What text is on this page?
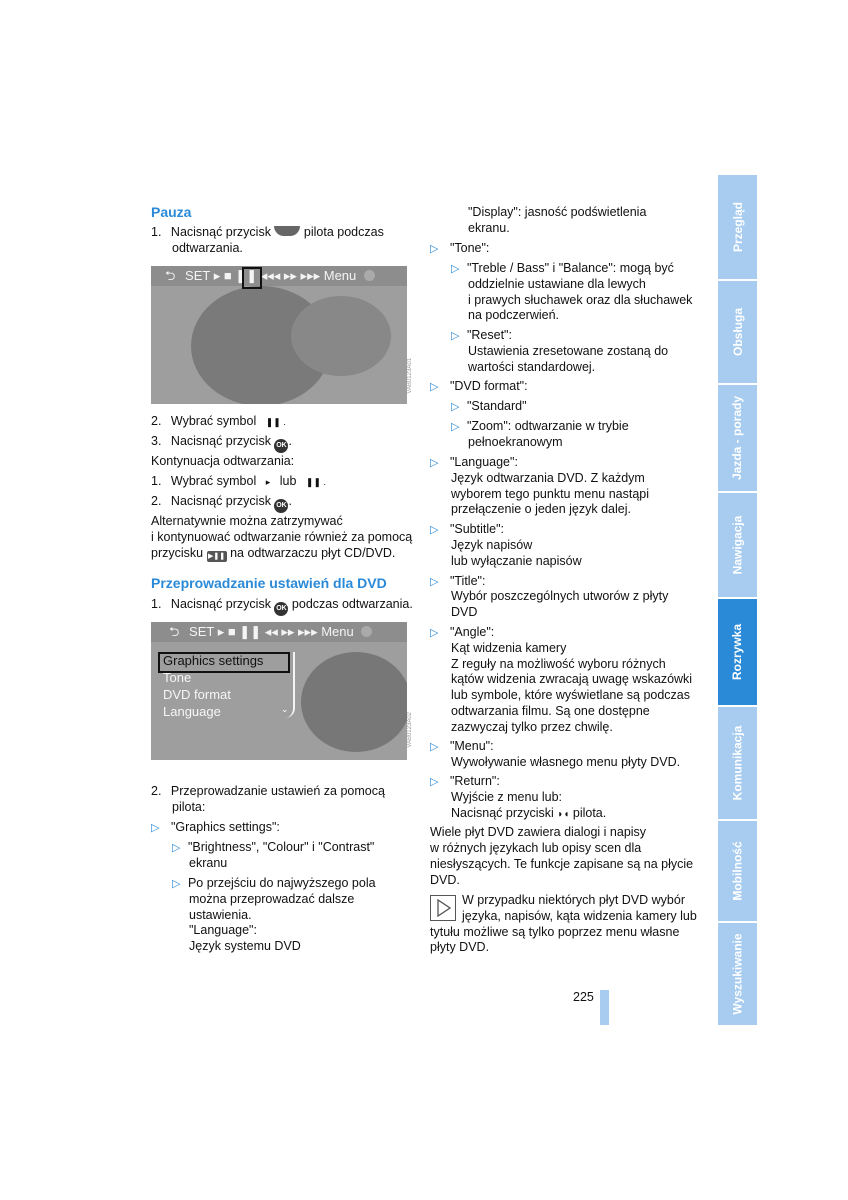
Pauza
1. Nacisnąć przycisk	pilota podczas
odtwarzania.
⮌ SET ▸ ■ ❚❚ ◂◂◂ ▸▸ ▸▸▸ Menu
VAB0123A01
2. Wybrać symbol ❚❚ .
3. Nacisnąć przycisk OK .
Kontynuacja odtwarzania:
1. Wybrać symbol ▸ lub ❚❚ .
2. Nacisnąć przycisk OK .
Alternatywnie można zatrzymywać
i kontynuować odtwarzanie również za pomocą
przycisku ▶❚❚ na odtwarzaczu płyt CD/DVD.
Przeprowadzanie ustawień dla DVD
1. Nacisnąć przycisk OK podczas odtwarzania.
⮌ SET ▸ ■ ❚❚ ◂◂ ▸▸ ▸▸▸ Menu
Graphics settings
Tone
DVD format
Language	⌄
VAB0123A02
2. Przeprowadzanie ustawień za pomocą
pilota:
▷ "Graphics settings":
▷ "Brightness", "Colour" i "Contrast"
ekranu
▷ Po przejściu do najwyższego pola
można przeprowadzać dalsze
ustawienia.
"Language":
Język systemu DVD
"Display": jasność podświetlenia
ekranu.
▷ "Tone":
▷ "Treble / Bass" i "Balance": mogą być
oddzielnie ustawiane dla lewych
i prawych słuchawek oraz dla słuchawek
na podczerwień.
▷ "Reset":
Ustawienia zresetowane zostaną do
wartości standardowej.
▷ "DVD format":
▷ "Standard"
▷ "Zoom": odtwarzanie w trybie
pełnoekranowym
▷ "Language":
Język odtwarzania DVD. Z każdym
wyborem tego punktu menu nastąpi
przełączenie o jeden język dalej.
▷ "Subtitle":
Język napisów
lub wyłączanie napisów
▷ "Title":
Wybór poszczególnych utworów z płyty
DVD
▷ "Angle":
Kąt widzenia kamery
Z reguły na możliwość wyboru różnych
kątów widzenia zwracają uwagę wskazówki
lub symbole, które wyświetlane są podczas
odtwarzania filmu. Są one dostępne
zazwyczaj tylko przez chwilę.
▷ "Menu":
Wywoływanie własnego menu płyty DVD.
▷ "Return":
Wyjście z menu lub:
Nacisnąć przyciski ◗◖ pilota.
Wiele płyt DVD zawiera dialogi i napisy
w różnych językach lub opisy scen dla
niesłyszących. Te funkcje zapisane są na płycie
DVD.
W przypadku niektórych płyt DVD wybór
języka, napisów, kąta widzenia kamery lub
tytułu możliwe są tylko poprzez menu własne
płyty DVD.
225
Przegląd
Obsługa
Jazda - porady
Nawigacja
Rozrywka
Komunikacja
Mobilność
Wyszukiwanie
